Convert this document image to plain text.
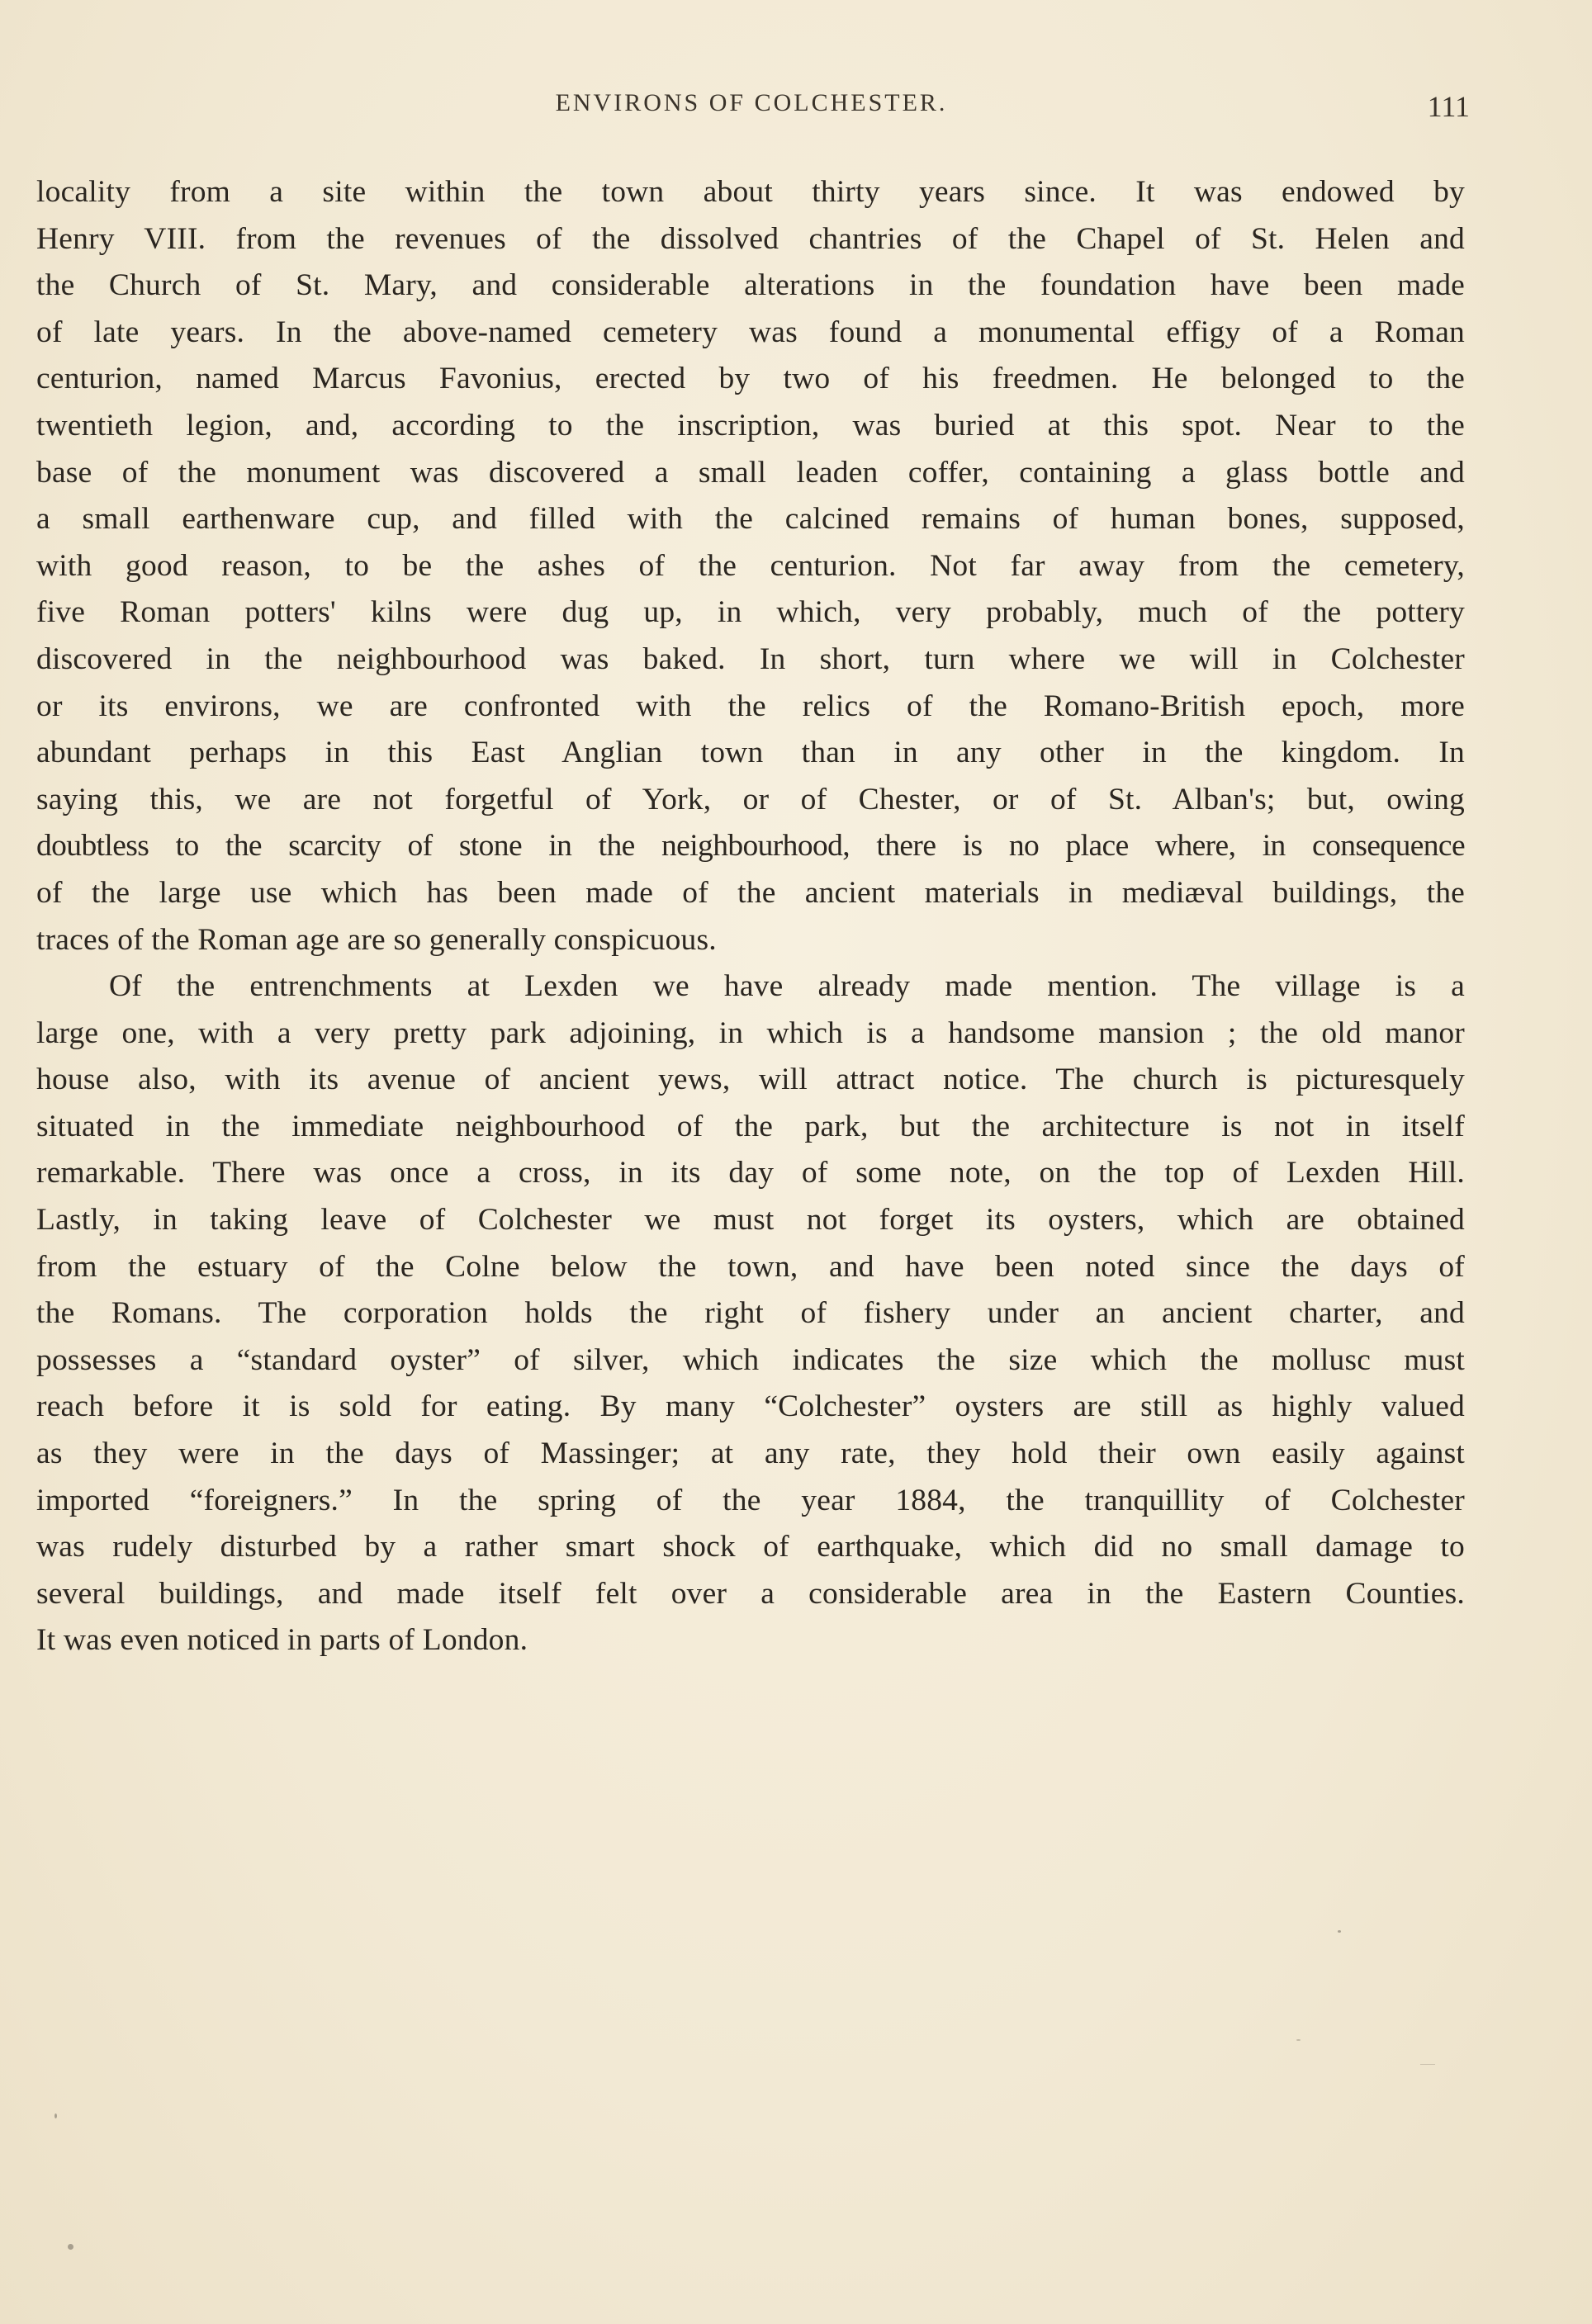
ENVIRONS OF COLCHESTER.	111
locality from a site within the town about thirty years since. It was endowed by
Henry VIII. from the revenues of the dissolved chantries of the Chapel of St. Helen and
the Church of St. Mary, and considerable alterations in the foundation have been made
of late years. In the above-named cemetery was found a monumental effigy of a Roman
centurion, named Marcus Favonius, erected by two of his freedmen. He belonged to the
twentieth legion, and, according to the inscription, was buried at this spot. Near to the
base of the monument was discovered a small leaden coffer, containing a glass bottle and
a small earthenware cup, and filled with the calcined remains of human bones, supposed,
with good reason, to be the ashes of the centurion. Not far away from the cemetery,
five Roman potters' kilns were dug up, in which, very probably, much of the pottery
discovered in the neighbourhood was baked. In short, turn where we will in Colchester
or its environs, we are confronted with the relics of the Romano-British epoch, more
abundant perhaps in this East Anglian town than in any other in the kingdom. In
saying this, we are not forgetful of York, or of Chester, or of St. Alban's; but, owing
doubtless to the scarcity of stone in the neighbourhood, there is no place where, in consequence
of the large use which has been made of the ancient materials in mediæval buildings, the
traces of the Roman age are so generally conspicuous.
Of the entrenchments at Lexden we have already made mention. The village is a
large one, with a very pretty park adjoining, in which is a handsome mansion ; the old manor
house also, with its avenue of ancient yews, will attract notice. The church is picturesquely
situated in the immediate neighbourhood of the park, but the architecture is not in itself
remarkable. There was once a cross, in its day of some note, on the top of Lexden Hill.
Lastly, in taking leave of Colchester we must not forget its oysters, which are obtained
from the estuary of the Colne below the town, and have been noted since the days of
the Romans. The corporation holds the right of fishery under an ancient charter, and
possesses a “standard oyster” of silver, which indicates the size which the mollusc must
reach before it is sold for eating. By many “Colchester” oysters are still as highly valued
as they were in the days of Massinger; at any rate, they hold their own easily against
imported “foreigners.” In the spring of the year 1884, the tranquillity of Colchester
was rudely disturbed by a rather smart shock of earthquake, which did no small damage to
several buildings, and made itself felt over a considerable area in the Eastern Counties.
It was even noticed in parts of London.
